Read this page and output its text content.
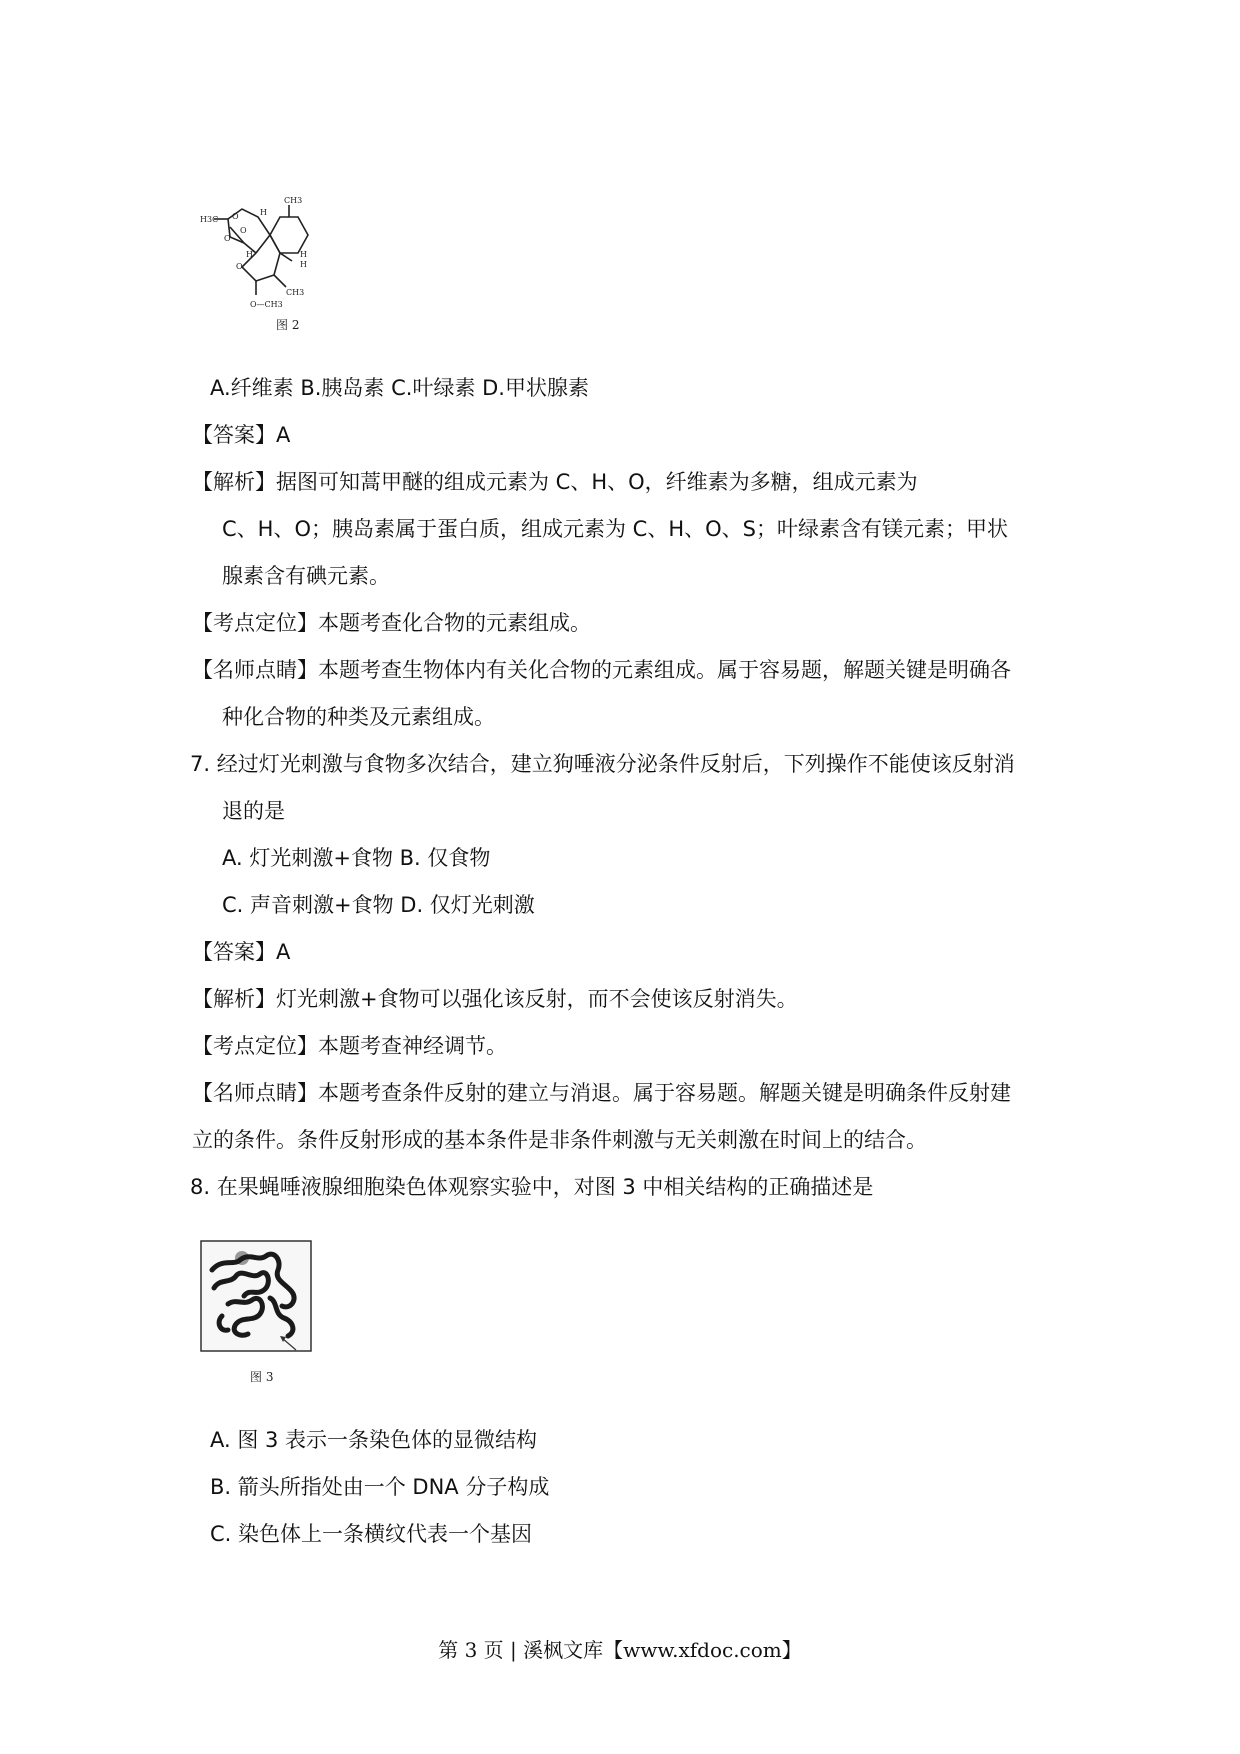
CH3
H
H3C O
O
O
O
H	H
H
CH3
O—CH3
图 2
A.纤维素 B.胰岛素 C.叶绿素 D.甲状腺素
【答案】A
【解析】据图可知蒿甲醚的组成元素为 C、H、O，纤维素为多糖，组成元素为
C、H、O；胰岛素属于蛋白质，组成元素为 C、H、O、S；叶绿素含有镁元素；甲状
腺素含有碘元素。
【考点定位】本题考查化合物的元素组成。
【名师点睛】本题考查生物体内有关化合物的元素组成。属于容易题，解题关键是明确各
种化合物的种类及元素组成。
7. 经过灯光刺激与食物多次结合，建立狗唾液分泌条件反射后，下列操作不能使该反射消
退的是
A. 灯光刺激+食物 B. 仅食物
C. 声音刺激+食物 D. 仅灯光刺激
【答案】A
【解析】灯光刺激+食物可以强化该反射，而不会使该反射消失。
【考点定位】本题考查神经调节。
【名师点睛】本题考查条件反射的建立与消退。属于容易题。解题关键是明确条件反射建
立的条件。条件反射形成的基本条件是非条件刺激与无关刺激在时间上的结合。
8. 在果蝇唾液腺细胞染色体观察实验中，对图 3 中相关结构的正确描述是
图 3
A. 图 3 表示一条染色体的显微结构
B. 箭头所指处由一个 DNA 分子构成
C. 染色体上一条横纹代表一个基因
第 3 页 | 溪枫文库【www.xfdoc.com】
